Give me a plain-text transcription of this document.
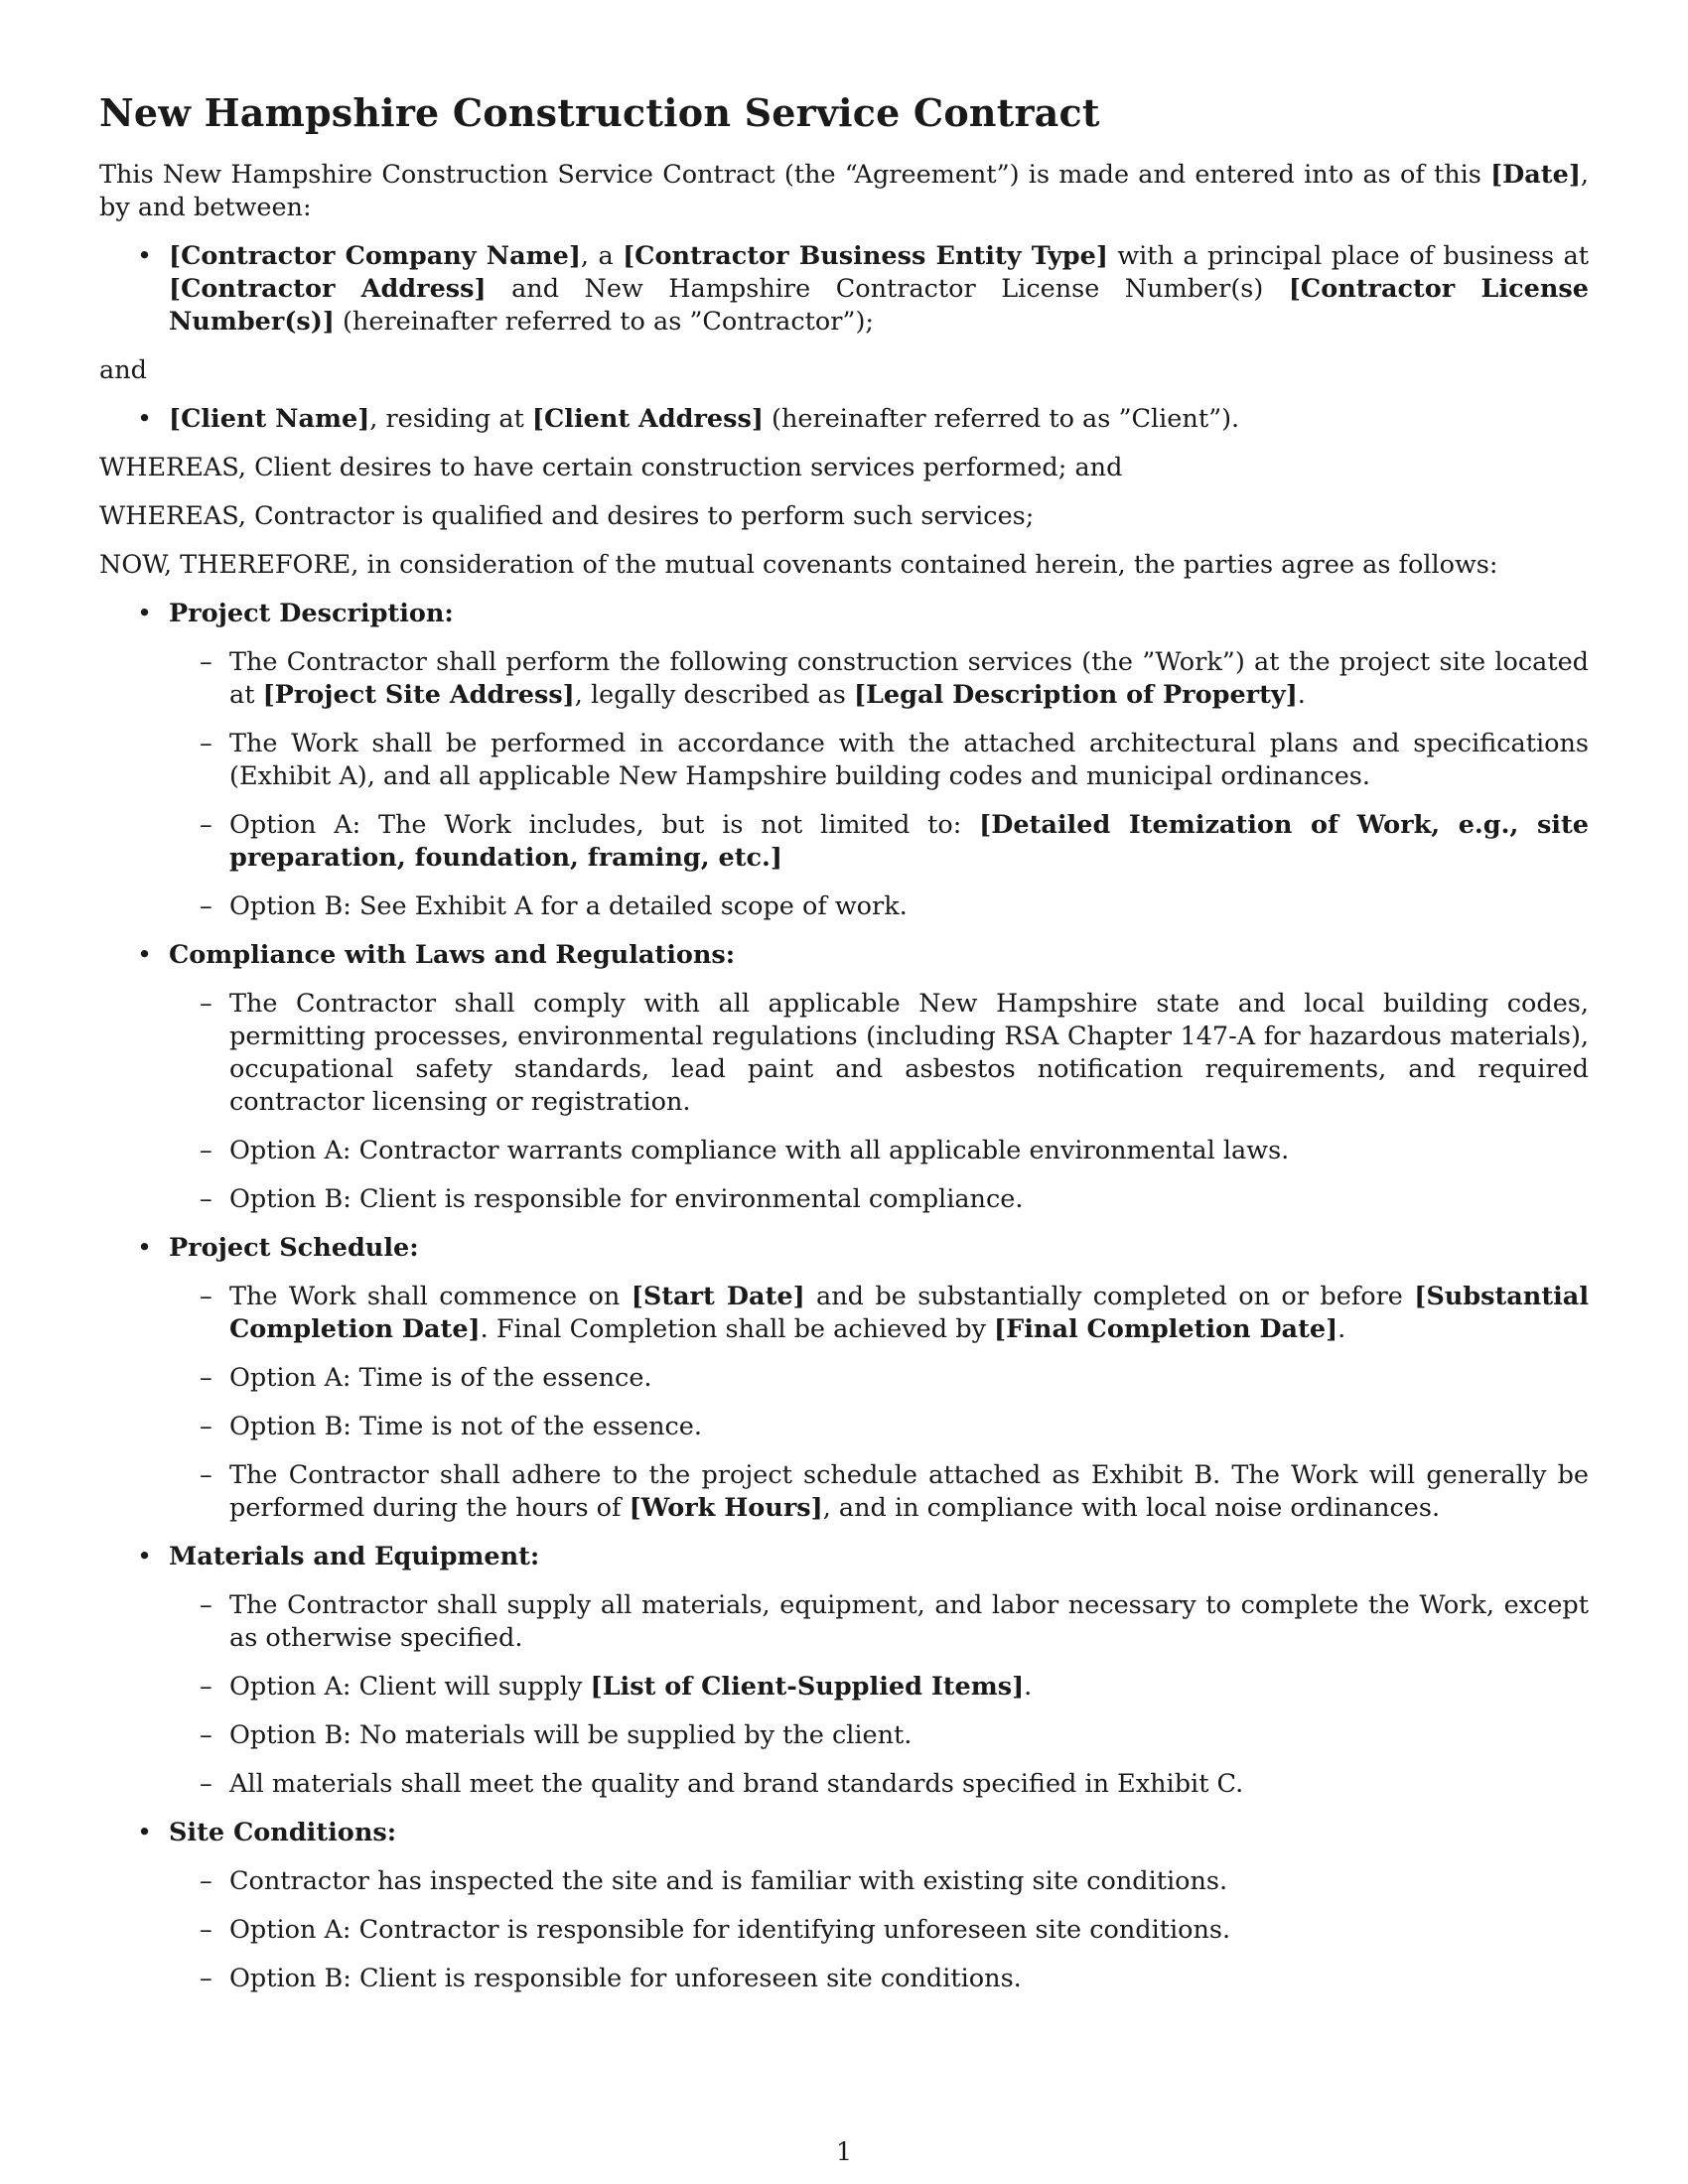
New Hampshire Construction Service Contract

This New Hampshire Construction Service Contract (the “Agreement”) is made and entered into as of this [Date], by and between:

• [Contractor Company Name], a [Contractor Business Entity Type] with a principal place of business at [Contractor Address] and New Hampshire Contractor License Number(s) [Contractor License Number(s)] (hereinafter referred to as ”Contractor”);

and

• [Client Name], residing at [Client Address] (hereinafter referred to as ”Client”).

WHEREAS, Client desires to have certain construction services performed; and

WHEREAS, Contractor is qualified and desires to perform such services;

NOW, THEREFORE, in consideration of the mutual covenants contained herein, the parties agree as follows:

• Project Description:
– The Contractor shall perform the following construction services (the ”Work”) at the project site located at [Project Site Address], legally described as [Legal Description of Property].
– The Work shall be performed in accordance with the attached architectural plans and specifications (Exhibit A), and all applicable New Hampshire building codes and municipal ordinances.
– Option A: The Work includes, but is not limited to: [Detailed Itemization of Work, e.g., site preparation, foundation, framing, etc.]
– Option B: See Exhibit A for a detailed scope of work.
• Compliance with Laws and Regulations:
– The Contractor shall comply with all applicable New Hampshire state and local building codes, permitting processes, environmental regulations (including RSA Chapter 147-A for hazardous materials), occupational safety standards, lead paint and asbestos notification requirements, and required contractor licensing or registration.
– Option A: Contractor warrants compliance with all applicable environmental laws.
– Option B: Client is responsible for environmental compliance.
• Project Schedule:
– The Work shall commence on [Start Date] and be substantially completed on or before [Substantial Completion Date]. Final Completion shall be achieved by [Final Completion Date].
– Option A: Time is of the essence.
– Option B: Time is not of the essence.
– The Contractor shall adhere to the project schedule attached as Exhibit B. The Work will generally be performed during the hours of [Work Hours], and in compliance with local noise ordinances.
• Materials and Equipment:
– The Contractor shall supply all materials, equipment, and labor necessary to complete the Work, except as otherwise specified.
– Option A: Client will supply [List of Client-Supplied Items].
– Option B: No materials will be supplied by the client.
– All materials shall meet the quality and brand standards specified in Exhibit C.
• Site Conditions:
– Contractor has inspected the site and is familiar with existing site conditions.
– Option A: Contractor is responsible for identifying unforeseen site conditions.
– Option B: Client is responsible for unforeseen site conditions.
1
